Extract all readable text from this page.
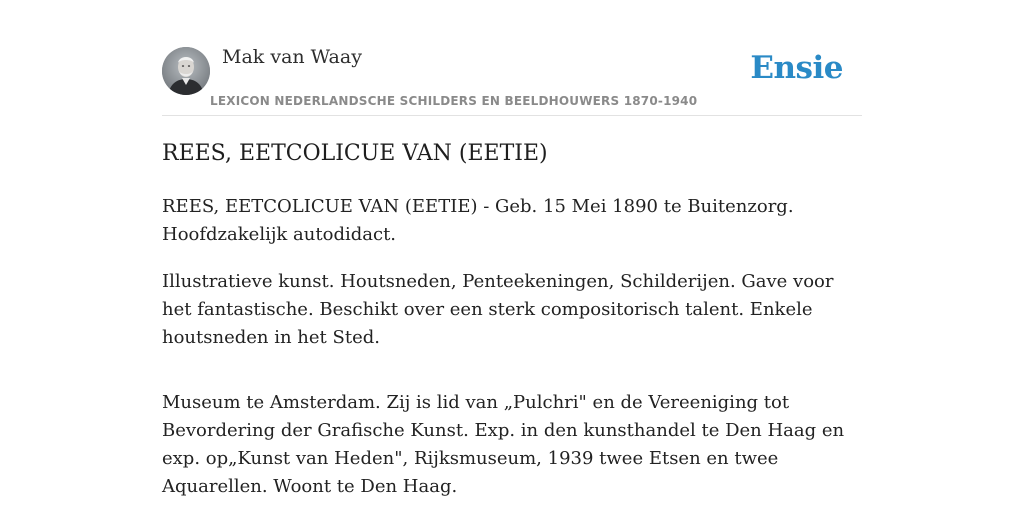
Mak van Waay
LEXICON NEDERLANDSCHE SCHILDERS EN BEELDHOUWERS 1870-1940
Ensie
REES, EETCOLICUE VAN (EETIE)

REES, EETCOLICUE VAN (EETIE) - Geb. 15 Mei 1890 te Buitenzorg. Hoofdzakelijk autodidact.

Illustratieve kunst. Houtsneden, Penteekeningen, Schilderijen. Gave voor het fantastische. Beschikt over een sterk compositorisch talent. Enkele houtsneden in het Sted.

Museum te Amsterdam. Zij is lid van „Pulchri" en de Vereeniging tot Bevordering der Grafische Kunst. Exp. in den kunsthandel te Den Haag en exp. op„Kunst van Heden", Rijksmuseum, 1939 twee Etsen en twee Aquarellen. Woont te Den Haag.
